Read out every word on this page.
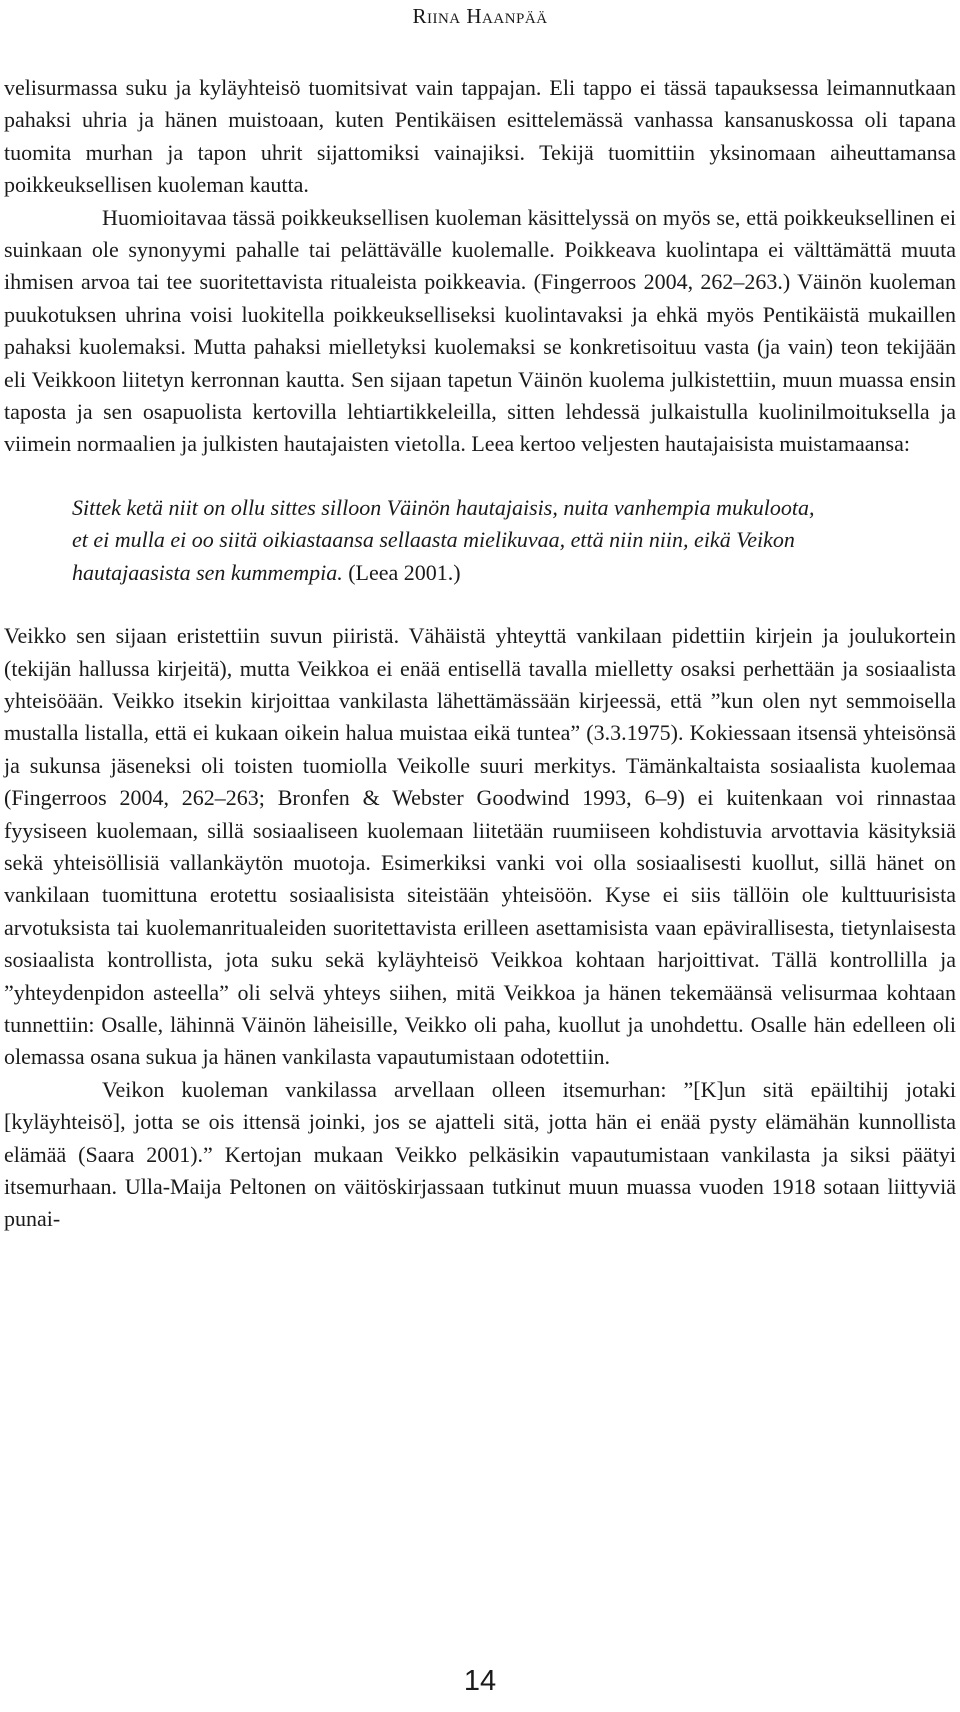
Riina Haanpää

velisurmassa suku ja kyläyhteisö tuomitsivat vain tappajan. Eli tappo ei tässä tapauksessa leimannutkaan pahaksi uhria ja hänen muistoaan, kuten Pentikäisen esittelemässä vanhassa kansanuskossa oli tapana tuomita murhan ja tapon uhrit sijattomiksi vainajiksi. Tekijä tuomittiin yksinomaan aiheuttamansa poikkeuksellisen kuoleman kautta.

Huomioitavaa tässä poikkeuksellisen kuoleman käsittelyssä on myös se, että poikkeuksellinen ei suinkaan ole synonyymi pahalle tai pelättävälle kuolemalle. Poikkeava kuolintapa ei välttämättä muuta ihmisen arvoa tai tee suoritettavista ritualeista poikkeavia. (Fingerroos 2004, 262–263.) Väinön kuoleman puukotuksen uhrina voisi luokitella poikkeukselliseksi kuolintavaksi ja ehkä myös Pentikäistä mukaillen pahaksi kuolemaksi. Mutta pahaksi mielletyksi kuolemaksi se konkretisoituu vasta (ja vain) teon tekijään eli Veikkoon liitetyn kerronnan kautta. Sen sijaan tapetun Väinön kuolema julkistettiin, muun muassa ensin taposta ja sen osapuolista kertovilla lehtiartikkeleilla, sitten lehdessä julkaistulla kuolinilmoituksella ja viimein normaalien ja julkisten hautajaisten vietolla. Leea kertoo veljesten hautajaisista muistamaansa:

Sittek ketä niit on ollu sittes silloon Väinön hautajaisis, nuita vanhempia mukuloota, et ei mulla ei oo siitä oikiastaansa sellaasta mielikuvaa, että niin niin, eikä Veikon hautajaasista sen kummempia. (Leea 2001.)

Veikko sen sijaan eristettiin suvun piiristä. Vähäistä yhteyttä vankilaan pidettiin kirjein ja joulukortein (tekijän hallussa kirjeitä), mutta Veikkoa ei enää entisellä tavalla mielletty osaksi perhettään ja sosiaalista yhteisöään. Veikko itsekin kirjoittaa vankilasta lähettämässään kirjeessä, että ”kun olen nyt semmoisella mustalla listalla, että ei kukaan oikein halua muistaa eikä tuntea” (3.3.1975). Kokiessaan itsensä yhteisönsä ja sukunsa jäseneksi oli toisten tuomiolla Veikolle suuri merkitys. Tämänkaltaista sosiaalista kuolemaa (Fingerroos 2004, 262–263; Bronfen & Webster Goodwind 1993, 6–9) ei kuitenkaan voi rinnastaa fyysiseen kuolemaan, sillä sosiaaliseen kuolemaan liitetään ruumiiseen kohdistuvia arvottavia käsityksiä sekä yhteisöllisiä vallankäytön muotoja. Esimerkiksi vanki voi olla sosiaalisesti kuollut, sillä hänet on vankilaan tuomittuna erotettu sosiaalisista siteistään yhteisöön. Kyse ei siis tällöin ole kulttuurisista arvotuksista tai kuolemanritualeiden suoritettavista erilleen asettamisista vaan epävirallisesta, tietynlaisesta sosiaalista kontrollista, jota suku sekä kyläyhteisö Veikkoa kohtaan harjoittivat. Tällä kontrollilla ja ”yhteydenpidon asteella” oli selvä yhteys siihen, mitä Veikkoa ja hänen tekemäänsä velisurmaa kohtaan tunnettiin: Osalle, lähinnä Väinön läheisille, Veikko oli paha, kuollut ja unohdettu. Osalle hän edelleen oli olemassa osana sukua ja hänen vankilasta vapautumistaan odotettiin.

Veikon kuoleman vankilassa arvellaan olleen itsemurhan: ”[K]un sitä epäiltihij jotaki [kyläyhteisö], jotta se ois ittensä joinki, jos se ajatteli sitä, jotta hän ei enää pysty elämähän kunnollista elämää (Saara 2001).” Kertojan mukaan Veikko pelkäsikin vapautumistaan vankilasta ja siksi päätyi itsemurhaan. Ulla-Maija Peltonen on väitöskirjassaan tutkinut muun muassa vuoden 1918 sotaan liittyviä punai-

14
